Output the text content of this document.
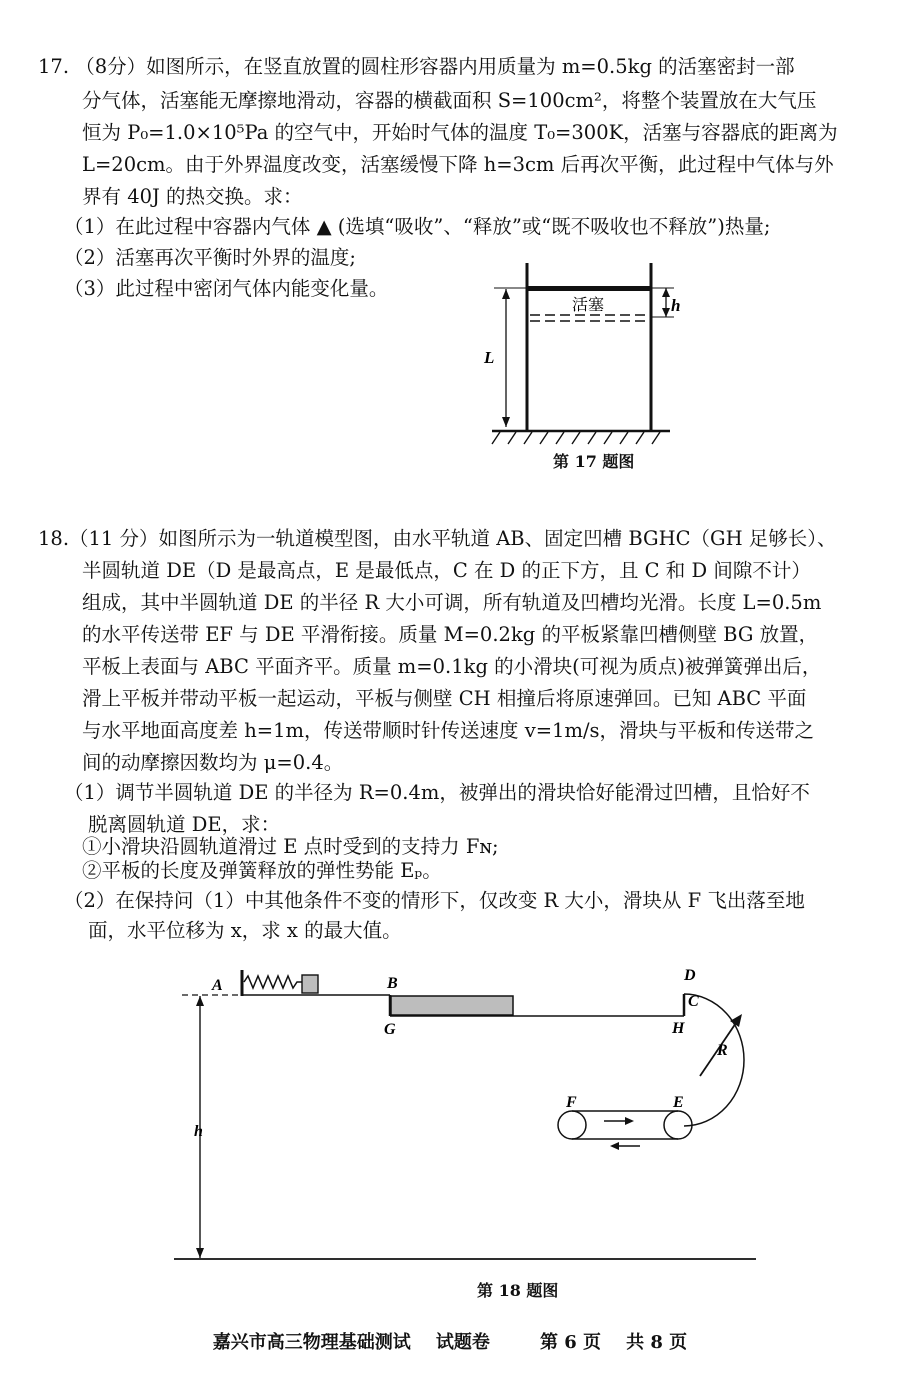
17. （8分）如图所示，在竖直放置的圆柱形容器内用质量为 m=0.5kg 的活塞密封一部
分气体，活塞能无摩擦地滑动，容器的横截面积 S=100cm²，将整个装置放在大气压
恒为 P₀=1.0×10⁵Pa 的空气中，开始时气体的温度 T₀=300K，活塞与容器底的距离为
L=20cm。由于外界温度改变，活塞缓慢下降 h=3cm 后再次平衡，此过程中气体与外
界有 40J 的热交换。求：
（1）在此过程中容器内气体 ▲ (选填“吸收”、“释放”或“既不吸收也不释放”)热量;
（2）活塞再次平衡时外界的温度;
（3）此过程中密闭气体内能变化量。
活塞
L
h
第 17 题图
18.（11 分）如图所示为一轨道模型图，由水平轨道 AB、固定凹槽 BGHC（GH 足够长）、
半圆轨道 DE（D 是最高点，E 是最低点，C 在 D 的正下方，且 C 和 D 间隙不计）
组成，其中半圆轨道 DE 的半径 R 大小可调，所有轨道及凹槽均光滑。长度 L=0.5m
的水平传送带 EF 与 DE 平滑衔接。质量 M=0.2kg 的平板紧靠凹槽侧壁 BG 放置，
平板上表面与 ABC 平面齐平。质量 m=0.1kg 的小滑块(可视为质点)被弹簧弹出后，
滑上平板并带动平板一起运动，平板与侧壁 CH 相撞后将原速弹回。已知 ABC 平面
与水平地面高度差 h=1m，传送带顺时针传送速度 v=1m/s，滑块与平板和传送带之
间的动摩擦因数均为 μ=0.4。
（1）调节半圆轨道 DE 的半径为 R=0.4m，被弹出的滑块恰好能滑过凹槽，且恰好不
脱离圆轨道 DE，求：
①小滑块沿圆轨道滑过 E 点时受到的支持力 Fɴ;
②平板的长度及弹簧释放的弹性势能 Eₚ。
（2）在保持问（1）中其他条件不变的情形下，仅改变 R 大小，滑块从 F 飞出落至地
面，水平位移为 x，求 x 的最大值。
A	B
G	H
C
D
E
F
R
h
第 18 题图
嘉兴市高三物理基础测试    试题卷        第 6 页    共 8 页
